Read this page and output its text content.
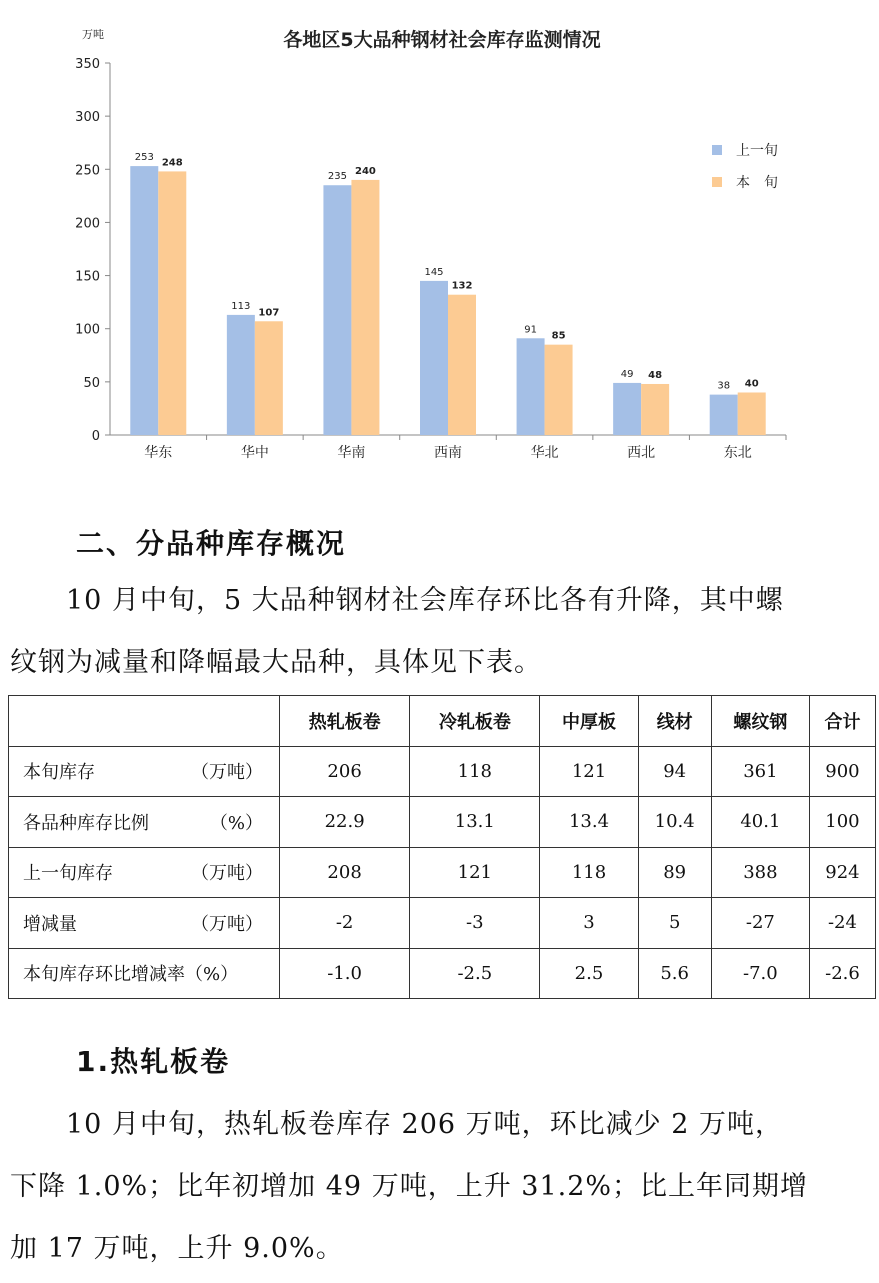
各地区5大品种钢材社会库存监测情况
万吨
0
50
100
150
200
250
300
350
华东
253 248
华中
113
107
华南
235 240
西南
145
132
华北
91
85
西北
49 48
东北
38 40
上一旬
本　旬
二、分品种库存概况
10 月中旬，5 大品种钢材社会库存环比各有升降，其中螺
纹钢为减量和降幅最大品种，具体见下表。
	热轧板卷	冷轧板卷	中厚板	线材	螺纹钢	合计
本旬库存 （万吨）	206	118	121	94	361	900
各品种库存比例 （%）	22.9	13.1	13.4	10.4	40.1	100
上一旬库存 （万吨）	208	121	118	89	388	924
增减量 （万吨）	-2	-3	3	5	-27	-24
本旬库存环比增减率（%）	-1.0	-2.5	2.5	5.6	-7.0	-2.6
1.热轧板卷
10 月中旬，热轧板卷库存 206 万吨，环比减少 2 万吨，
下降 1.0%；比年初增加 49 万吨，上升 31.2%；比上年同期增
加 17 万吨，上升 9.0%。
